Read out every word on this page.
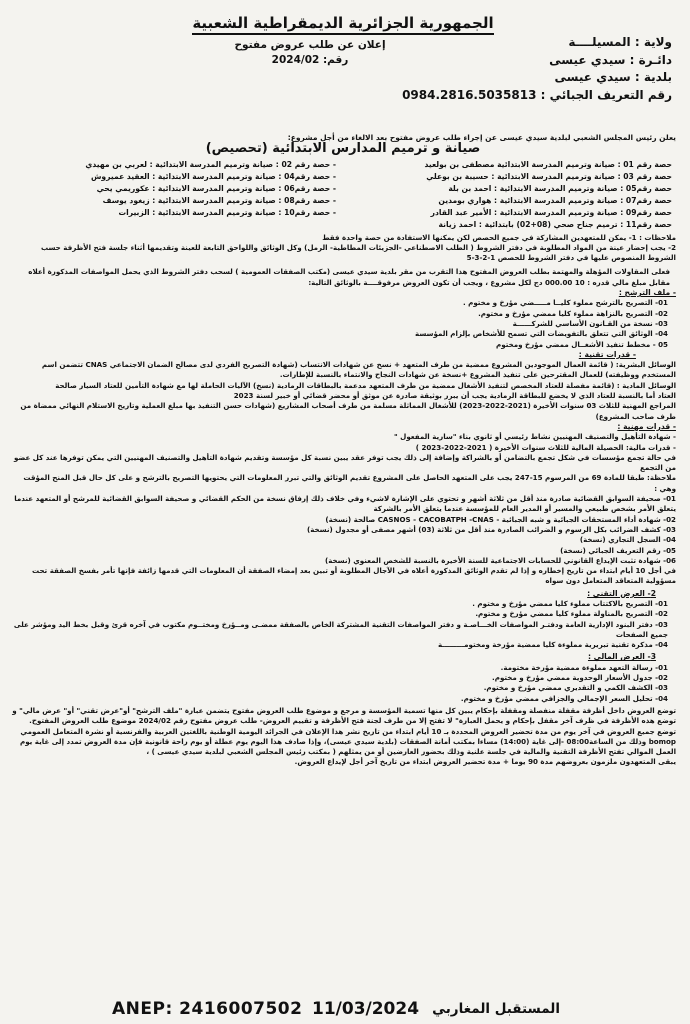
الجمهورية الجزائرية الديمقراطية الشعبية
ولاية : المسيلــــة
دائـرة : سيدي عيسى
بلدية : سيدي عيسى
رقم التعريف الجبائي : 0984.2816.5035813
إعلان عن طلب عروض مفتوح
رقم: 2024/02
يعلن رئيس المجلس الشعبي لبلدية سيدي عيسى عن إجراء طلب عروض مفتوح بعد الالغاء من أجل مشروع:
صيانة و ترميم المدارس الابتدائية (تحصيص)
حصة رقم 01 : صيانة وترميم المدرسة الابتدائية مصطفى بن بولعيد
- حصة رقم 02 : صيانة وترميم المدرسة الابتدائية : لعربي بن مهيدي
حصة رقم 03 : صيانة وترميم المدرسة الابتدائية : حسيبة بن بوعلي
- حصة رقم04 : صيانة وترميم المدرسة الابتدائية : العقيد عميروش
حصة رقم05 : صيانة وترميم المدرسة الابتدائية : احمد بن بلة
- حصة رقم06 : صيانة وترميم المدرسة الابتدائية : عكوريمي يحي
حصة رقم07 : صيانة وترميم المدرسة الابتدائية : هواري بومدين
- حصة رقم08 : صيانة وترميم المدرسة الابتدائية : زيغود يوسف
حصة رقم09 : صيانة وترميم المدرسة الابتدائية : الأمير عبد القادر
- حصة رقم10 : صيانة وترميم المدرسة الابتدائية : الزبيرات
حصة رقم11 : ترميم جناح صحي (08+02) بابتدائية : احمد زيانة
ملاحظات : 1- يمكن للمتعهدين المشاركة في جميع الحصص لكن يمكنها الاستفادة من حصة واحدة فقط
2- يجب إحضار عينة من المواد المطلوبة في دفتر الشروط ( الطلب الاصطناعي -الجزيئات المطاطية- الرمل) وكل الوثائق واللواحق التابعة للعينة وتقديمها أثناء جلسة فتح الأظرفة حسب الشروط المنصوص عليها في دفتر الشروط للحصص 1-2-3-5
فعلى المقاولات المؤهلة والمهتمة بطلب العروض المفتوح هذا التقرب من مقر بلدية سيدي عيسى (مكتب الصفقات العمومية ) لسحب دفتر الشروط الذي يحمل المواصفات المذكورة أعلاه مقابل مبلغ مالي قدره : 10 000.00 دج لكل مشروع ، ويجب أن تكون العروض مرفوقــــة بالوثائق التالية:
- ملف الترشح :
01- التصريح بالترشح مملوء كليــا مـــــضي مؤرخ و مختوم .
02- التصريح بالنزاهة مملوء كليا ممضي مؤرخ و مختوم.
03- نسخة من القـانون الأساسي للشركــــــة
04- الوثائق التي تتعلق بالتفويضات التي تسمح للأشخاص بإلزام المؤسسة
05 - مخطط تنفيذ الأشغــال ممضي مؤرخ ومختوم
- قدرات تقنية :
الوسائل البشرية: ( قائمة العمال الموجودين المشروع ممضية من طرف المتعهد + نسخ عن شهادات الانتساب (شهادة التصريح الفردي لدى مصالح الضمان الاجتماعي CNAS تتضمن اسم المستخدم ووظيفته) للعمال المقترحين على تنفيذ المشروع +نسخة عن شهادات النجاح والانتماء بالنسبة للإطارات.
الوسائل المادية : (قائمة مفصلة للعتاد المخصص لتنفيذ الأشغال ممضية من طرف المتعهد مدعمة بالبطاقات الرمادية (نسخ) الآليات الحاملة لها مع شهادة التأمين للعتاد السيار صالحة
العتاد أما بالنسبة للعتاد الذي لا يخضع للبطاقة الرمادية يجب أن يبرر بوثيقة صادرة عن موثق أو محضر قضائي أو خبير لسنة 2023
المراجع المهنية للثلاث 03 سنوات الأخيرة (2021-2022-2023) للأشغال المماثلة مسلمة من طرف أصحاب المشاريع (شهادات حسن التنفيذ بها مبلغ العملية وتاريخ الاستلام النهائي ممضاة من طرف صاحب المشروع)
- قدرات مهنية :
- شهادة التأهيل والتصنيف المهنيين نشاط رئيسي أو ثانوي بناء "سارية المفعول "
- قدرات مالية: الحصيلة المالية للثلاث سنوات الأخيرة ( 2021-2022-2023 )
في حالة تجمع مؤسسات في شكل تجمع بالتضامن أو بالشراكة وإضافة إلى ذلك يجب توفر عقد يبين نسبة كل مؤسسة وتقديم شهادة التأهيل والتصنيف المهنيين التي يمكن توفرها عند كل عضو من التجمع
ملاحظة: طبقا للمادة 69 من المرسوم 15-247 يجب على المتعهد الحاصل على المشروع تقديم الوثائق والتي تبرر المعلومات التي يحتويها التصريح بالترشح و على كل حال قبل المنح المؤقت وهي :
01- صحيفة السوابق القضائية صادرة منذ أقل من ثلاثة أشهر و تحتوي على الإشارة لاشيء وفي خلاف ذلك إرفاق نسخة من الحكم القضائي و صحيفة السوابق القضائية للمرشح أو المتعهد عندما يتعلق الأمر بشخص طبيعي والمسير أو المدير العام للمؤسسة عندما يتعلق الأمر بالشركة
02- شهادة أداء المستحقات الجبائية و شبه الجبائية - CASNOS - CACOBATPH -CNAS صالحة (نسخة)
03- كشف الضرائب بكل الرسوم و الضرائب الصادرة منذ أقل من ثلاثة (03) أشهر مصفى أو مجدول (نسخة)
04- السجل التجاري (نسخة)
05- رقم التعريف الجبائي (نسخة)
06- شهادة تثبت الإيداع القانوني للحسابات الاجتماعية للسنة الأخيرة بالنسبة للشخص المعنوي (نسخة)
في أجل 10 أيام ابتداء من تاريخ إخطاره و إذا لم تقدم الوثائق المذكورة أعلاه في الآجال المطلوبة أو تبين بعد إمضاء الصفقة أن المعلومات التي قدمها زائفة فإنها تأمر بفسخ الصفقة تحت مسؤولية المتعاقد المتعامل دون سواه
2- العرض التقني :
01- التصريح بالاكتتاب مملوء كليا ممضي مؤرخ و مختوم .
02- التصريح بالمناولة مملوء كليا ممضي مؤرخ و مختوم.
03- دفتر البنود الإدارية العامة ودفتـر المواصفات الخـــاصـة و دفتر المواصفات التقنية المشتركة الخاص بالصفقة ممضـى ومــؤرخ ومختــوم مكتوب في آخره قرئ وقبل بخط اليد ومؤشر على جميع الصفحات
04- مذكرة تقنية تبريرية مملوءة كليا ممضية مؤرخة ومختومـــــــــة
3- العرض المالي :
01- رسالة التعهد مملوءة ممضية مؤرخة مختومة.
02- جدول الأسعار الوحدوية ممضي مؤرخ و مختوم.
03- الكشف الكمي و التقديري ممضي مؤرخ و مختوم.
04- تحليل السعر الإجمالي والجزافي ممضي مؤرخ و مختوم.
توضع العروض داخل أظرفة مقفلة منفصلة ومقفلة بإحكام يبين كل منها تسمية المؤسسة و مرجع و موضوع طلب العروض مفتوح يتضمن عبارة "ملف الترشح" أو"عرض تقني" أو" عرض مالي" و توضع هذه الأظرفة في ظرف آخر مقفل بإحكام و يحمل العبارة" لا تفتح إلا من طرف لجنة فتح الأظرفة و تقييم العروض- طلب عروض مفتوح رقم 2024/02 موضوع طلب العروض المفتوح.
توضع جميع العروض في آخر يوم من مدة تحضير العروض المحددة بـ 10 أيام ابتداء من تاريخ نشر هذا الإعلان في الجرائد اليومية الوطنية باللغتين العربية والفرنسية أو نشرة المتعامل العمومي bomop وذلك من الساعة08:00 -إلى غاية (14:00) مساءا بمكتب أمانة الصفقات (بلدية سيدي عيسى)، وإذا صادف هذا اليوم يوم عطلة أو يوم راحة قانونية فإن مدة العروض تمدد إلى غاية يوم العمل الموالي تفتح الأظرفة التقنية والمالية في جلسة علنية وذلك بحضور العارضين أو من يمثلهم ( بمكتب رئيس المجلس الشعبي لبلدية سيدي عيسى ) ،
يبقى المتعهدون ملزمون بعروضهم مدة 90 يوما + مدة تحضير العروض ابتداء من تاريخ آخر أجل لإيداع العروض.
ANEP: 2416007502 11/03/2024 المستقبل المغاربي
